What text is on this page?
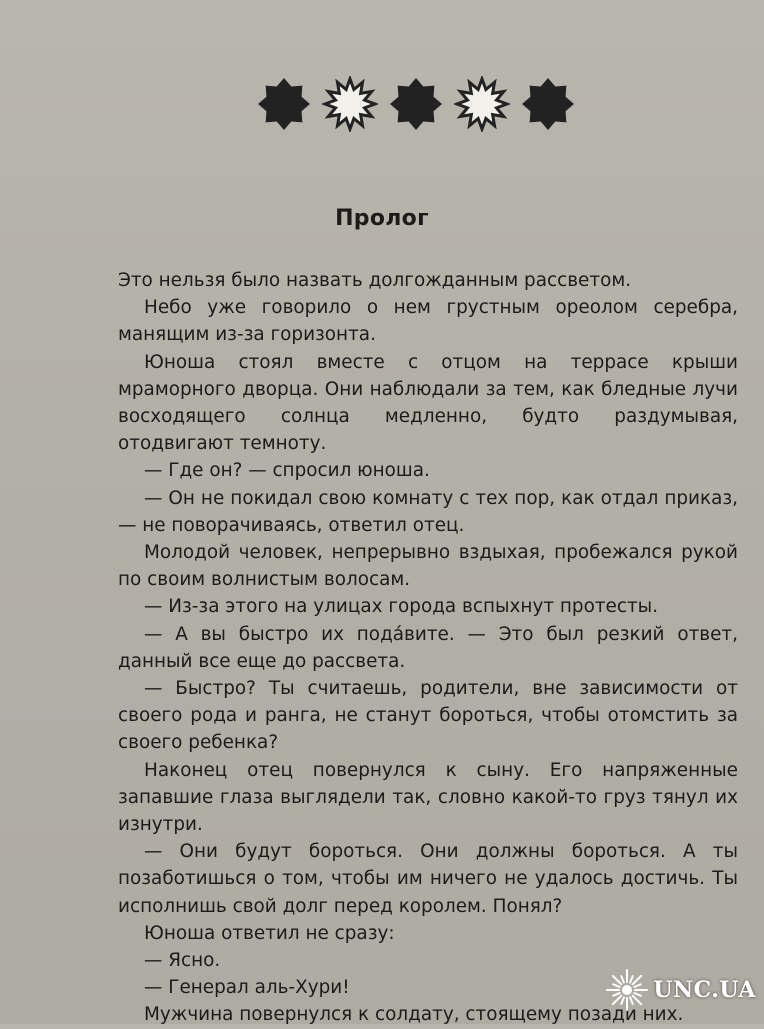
Пролог

Это нельзя было назвать долгожданным рассветом.

Небо уже говорило о нем грустным ореолом серебра, манящим из-за горизонта.

Юноша стоял вместе с отцом на террасе крыши мраморного дворца. Они наблюдали за тем, как бледные лучи восходящего солнца медленно, будто раздумывая, отодвигают темноту.

— Где он? — спросил юноша.

— Он не покидал свою комнату с тех пор, как отдал приказ, — не поворачиваясь, ответил отец.

Молодой человек, непрерывно вздыхая, пробежался рукой по своим волнистым волосам.

— Из-за этого на улицах города вспыхнут протесты.

— А вы быстро их пода́вите. — Это был резкий ответ, данный все еще до рассвета.

— Быстро? Ты считаешь, родители, вне зависимости от своего рода и ранга, не станут бороться, чтобы отомстить за своего ребенка?

Наконец отец повернулся к сыну. Его напряженные запавшие глаза выглядели так, словно какой-то груз тянул их изнутри.

— Они будут бороться. Они должны бороться. А ты позаботишься о том, чтобы им ничего не удалось достичь. Ты исполнишь свой долг перед королем. Понял?

Юноша ответил не сразу:

— Ясно.

— Генерал аль-Хури!

Мужчина повернулся к солдату, стоящему позади них.

UNC.UA
